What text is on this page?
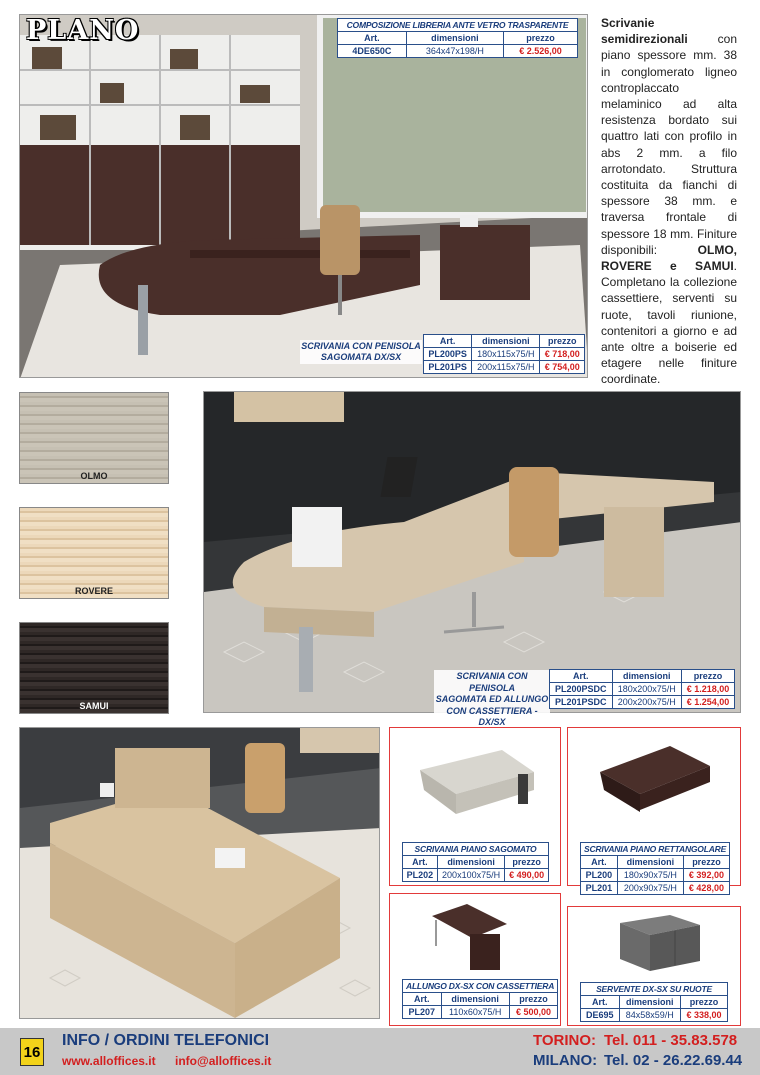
PLANO	COMPOSIZIONE LIBRERIA ANTE VETRO TRASPARENTE		
Art.	dimensioni	prezzo
4DE650C	364x47x198/H	€ 2.526,00
SCRIVANIA CON PENISOLA
SAGOMATA DX/SX
Art.	dimensioni	prezzo
PL200PS	180x115x75/H	€ 718,00
PL201PS	200x115x75/H	€ 754,00
Scrivanie semidirezionali con piano spessore mm. 38 in conglomerato ligneo controplaccato melaminico ad alta resistenza bordato sui quattro lati con profilo in abs 2 mm. a filo arrotondato. Struttura costituita da fianchi di spessore 38 mm. e traversa frontale di spessore 18 mm. Finiture disponibili: OLMO, ROVERE e SAMUI. Completano la collezione cassettiere, serventi su ruote, tavoli riunione, contenitori a giorno e ad ante oltre a boiserie ed etagere nelle finiture coordinate.
OLMO
ROVERE
SAMUI
SCRIVANIA CON PENISOLA
SAGOMATA ED ALLUNGO
CON CASSETTIERA - DX/SX
Art.	dimensioni	prezzo
PL200PSDC	180x200x75/H	€ 1.218,00
PL201PSDC	200x200x75/H	€ 1.254,00
SCRIVANIA PIANO SAGOMATO		
Art.	dimensioni	prezzo
PL202	200x100x75/H	€ 490,00
SCRIVANIA PIANO RETTANGOLARE		
Art.	dimensioni	prezzo
PL200	180x90x75/H	€ 392,00
PL201	200x90x75/H	€ 428,00
ALLUNGO DX-SX CON CASSETTIERA		
Art.	dimensioni	prezzo
PL207	110x60x75/H	€ 500,00
SERVENTE DX-SX SU RUOTE		
Art.	dimensioni	prezzo
DE695	84x58x59/H	€ 338,00
16
INFO / ORDINI TELEFONICI
www.alloffices.it info@alloffices.it
TORINO: Tel. 011 - 35.83.578
MILANO: Tel. 02 - 26.22.69.44
